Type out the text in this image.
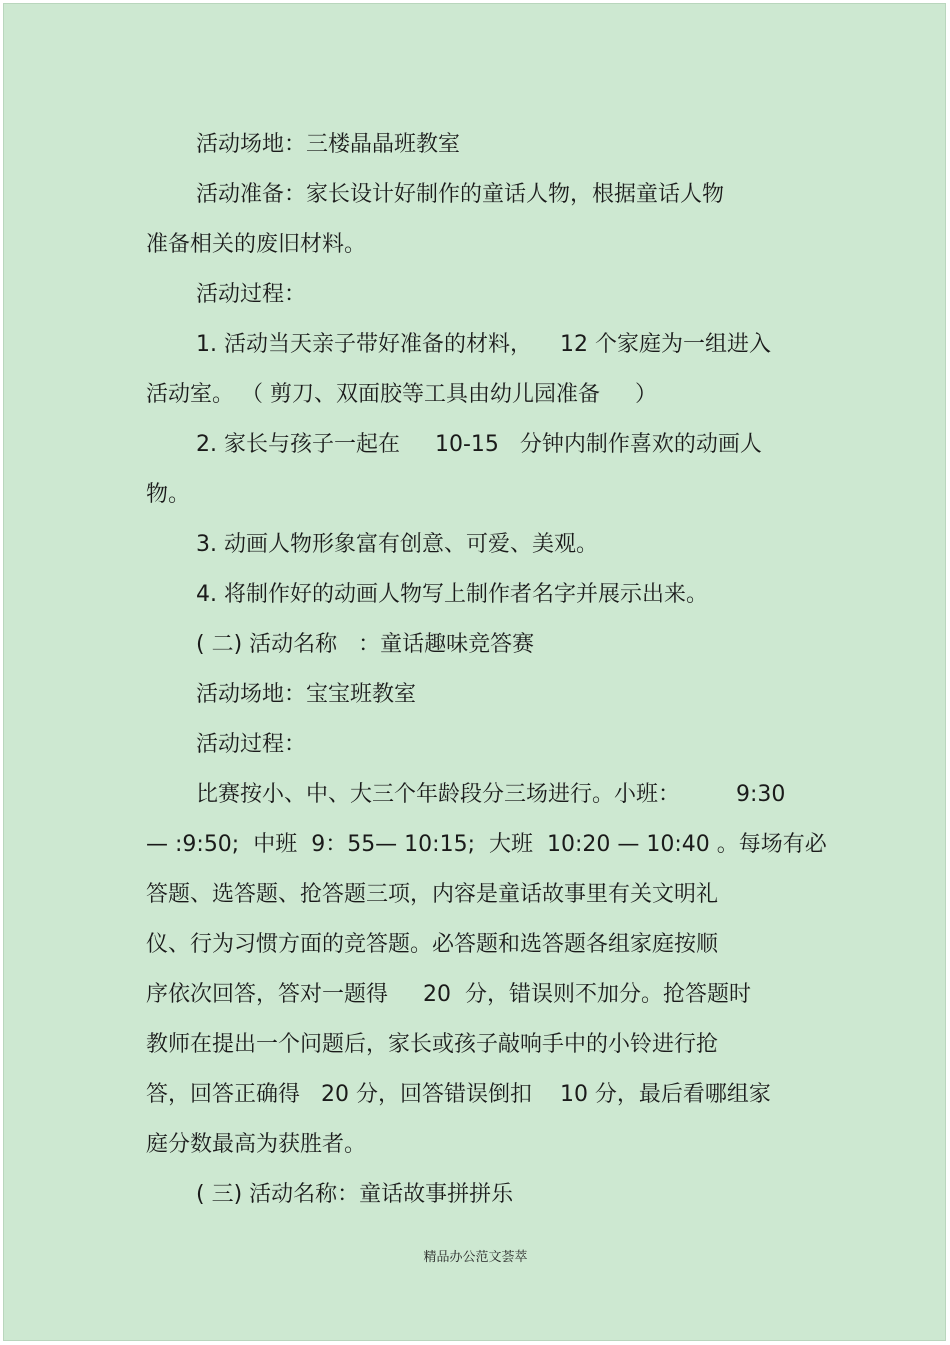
活动场地：三楼晶晶班教室
活动准备：家长设计好制作的童话人物，根据童话人物
准备相关的废旧材料。
活动过程：
1. 活动当天亲子带好准备的材料，    12 个家庭为一组进入
活动室。 （ 剪刀、双面胶等工具由幼儿园准备     ）
2. 家长与孩子一起在     10-15   分钟内制作喜欢的动画人
物。
3. 动画人物形象富有创意、可爱、美观。
4. 将制作好的动画人物写上制作者名字并展示出来。
( 二) 活动名称   ：童话趣味竞答赛
活动场地：宝宝班教室
活动过程：
比赛按小、中、大三个年龄段分三场进行。小班：        9:30
— :9:50;  中班  9：55— 10:15;  大班  10:20 — 10:40 。每场有必
答题、选答题、抢答题三项，内容是童话故事里有关文明礼
仪、行为习惯方面的竞答题。必答题和选答题各组家庭按顺
序依次回答，答对一题得     20  分，错误则不加分。抢答题时
教师在提出一个问题后，家长或孩子敲响手中的小铃进行抢
答，回答正确得   20 分，回答错误倒扣    10 分，最后看哪组家
庭分数最高为获胜者。
( 三) 活动名称：童话故事拼拼乐
精品办公范文荟萃
